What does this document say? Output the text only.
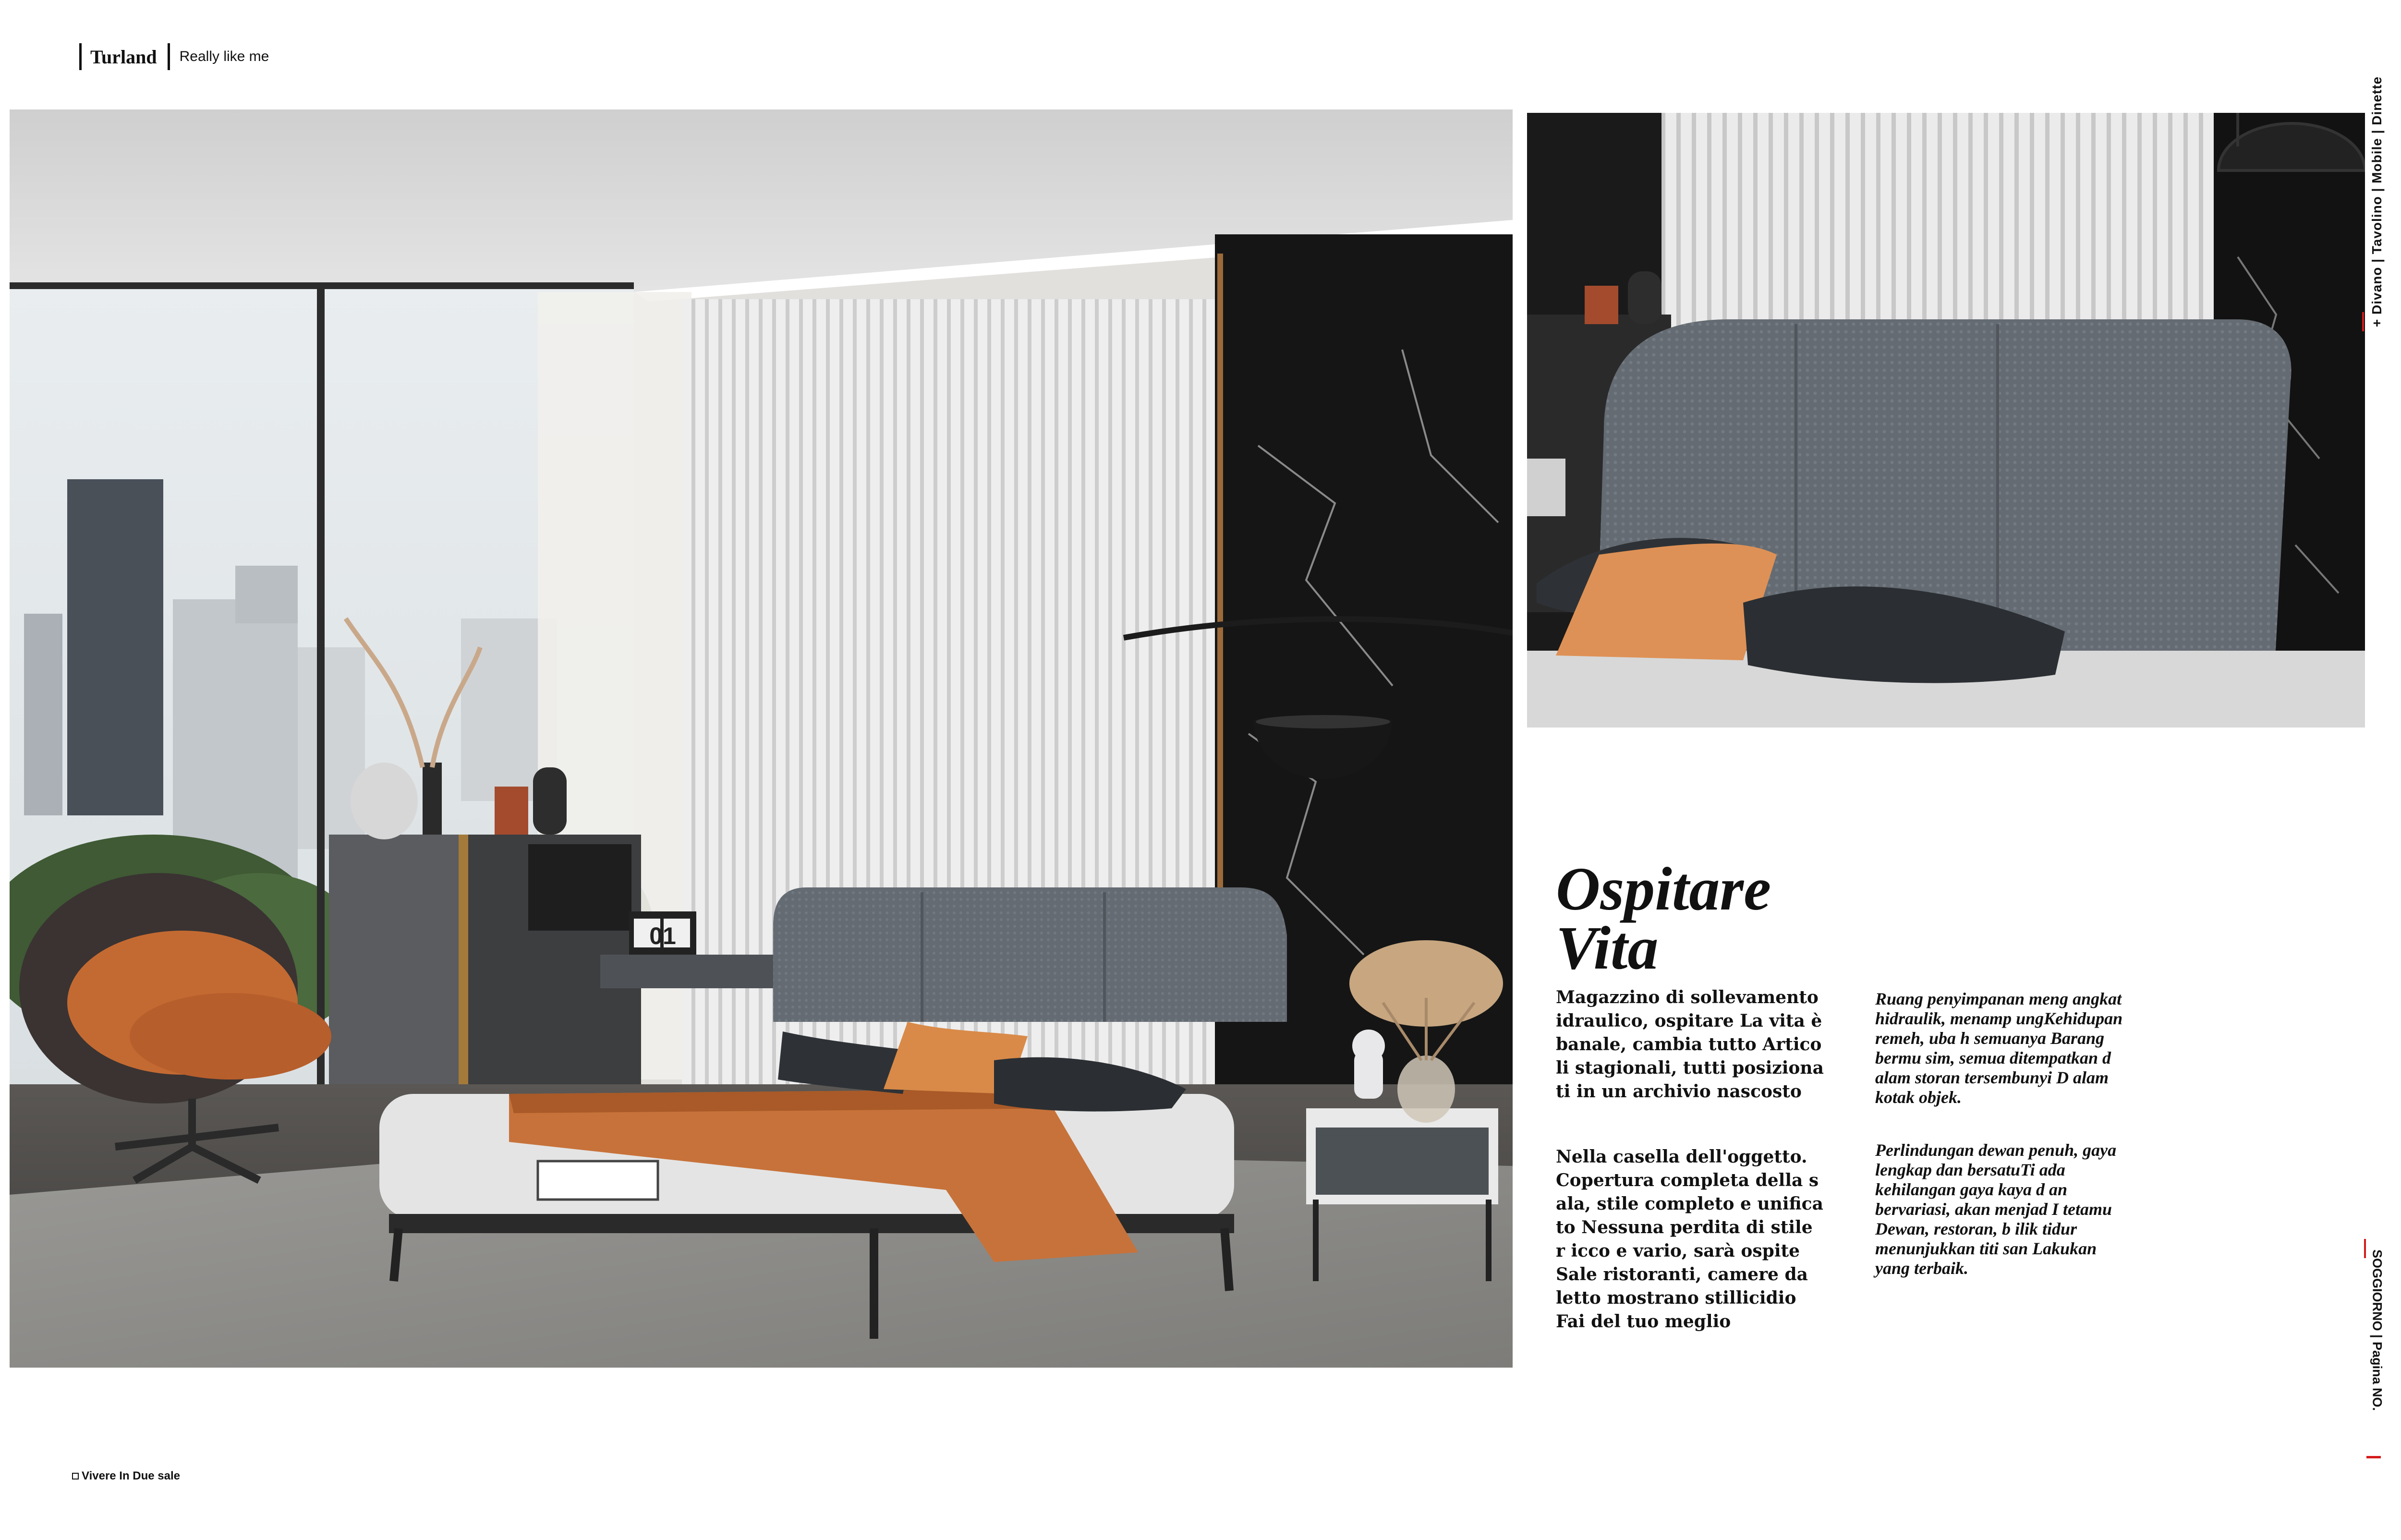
Turland Really like me
01
Ospitare
Vita

Magazzino di sollevamento idraulico, ospitare La vita è banale, cambia tutto Artico li stagionali, tutti posiziona ti in un archivio nascosto

Nella casella dell'oggetto. Copertura completa della s ala, stile completo e unifica to Nessuna perdita di stile r icco e vario, sarà ospite Sale ristoranti, camere da letto mostrano stillicidio Fai del tuo meglio

Ruang penyimpanan meng angkat hidraulik, menamp ungKehidupan remeh, uba h semuanya Barang bermu sim, semua ditempatkan d alam storan tersembunyi D alam kotak objek.

Perlindungan dewan penuh, gaya lengkap dan bersatuTi ada kehilangan gaya kaya d an bervariasi, akan menjad I tetamu Dewan, restoran, b ilik tidur menunjukkan titi san Lakukan yang terbaik.

+ Divano | Tavolino | Mobile | Dinette
SOGGIORNO | Pagina NO.
Vivere In Due sale
